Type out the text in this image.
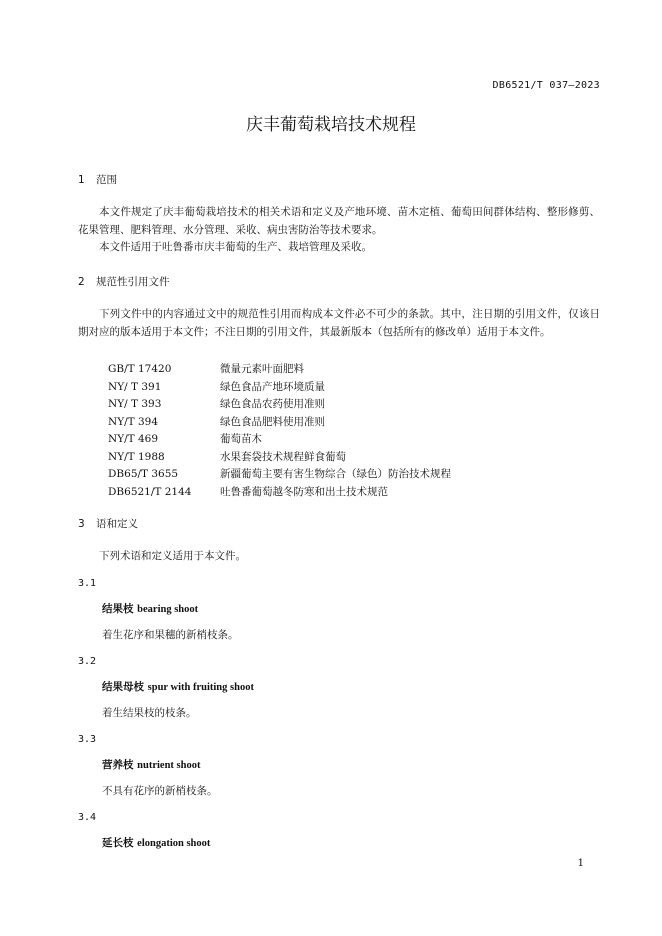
DB6521/T 037—2023
庆丰葡萄栽培技术规程
1 范围
本文件规定了庆丰葡萄栽培技术的相关术语和定义及产地环境、苗木定植、葡萄田间群体结构、整形修剪、花果管理、肥料管理、水分管理、采收、病虫害防治等技术要求。
本文件适用于吐鲁番市庆丰葡萄的生产、栽培管理及采收。
2 规范性引用文件
下列文件中的内容通过文中的规范性引用而构成本文件必不可少的条款。其中，注日期的引用文件，仅该日期对应的版本适用于本文件；不注日期的引用文件，其最新版本（包括所有的修改单）适用于本文件。
GB/T 17420	微量元素叶面肥料
NY/ T 391	绿色食品产地环境质量
NY/ T 393	绿色食品农药使用准则
NY/T 394	绿色食品肥料使用准则
NY/T 469	葡萄苗木
NY/T 1988	水果套袋技术规程鲜食葡萄
DB65/T 3655	新疆葡萄主要有害生物综合（绿色）防治技术规程
DB6521/T 2144	吐鲁番葡萄越冬防寒和出土技术规范
3 语和定义
下列术语和定义适用于本文件。
3.1
结果枝 bearing shoot
着生花序和果穗的新梢枝条。
3.2
结果母枝 spur with fruiting shoot
着生结果枝的枝条。
3.3
营养枝 nutrient shoot
不具有花序的新梢枝条。
3.4
延长枝 elongation shoot
1
